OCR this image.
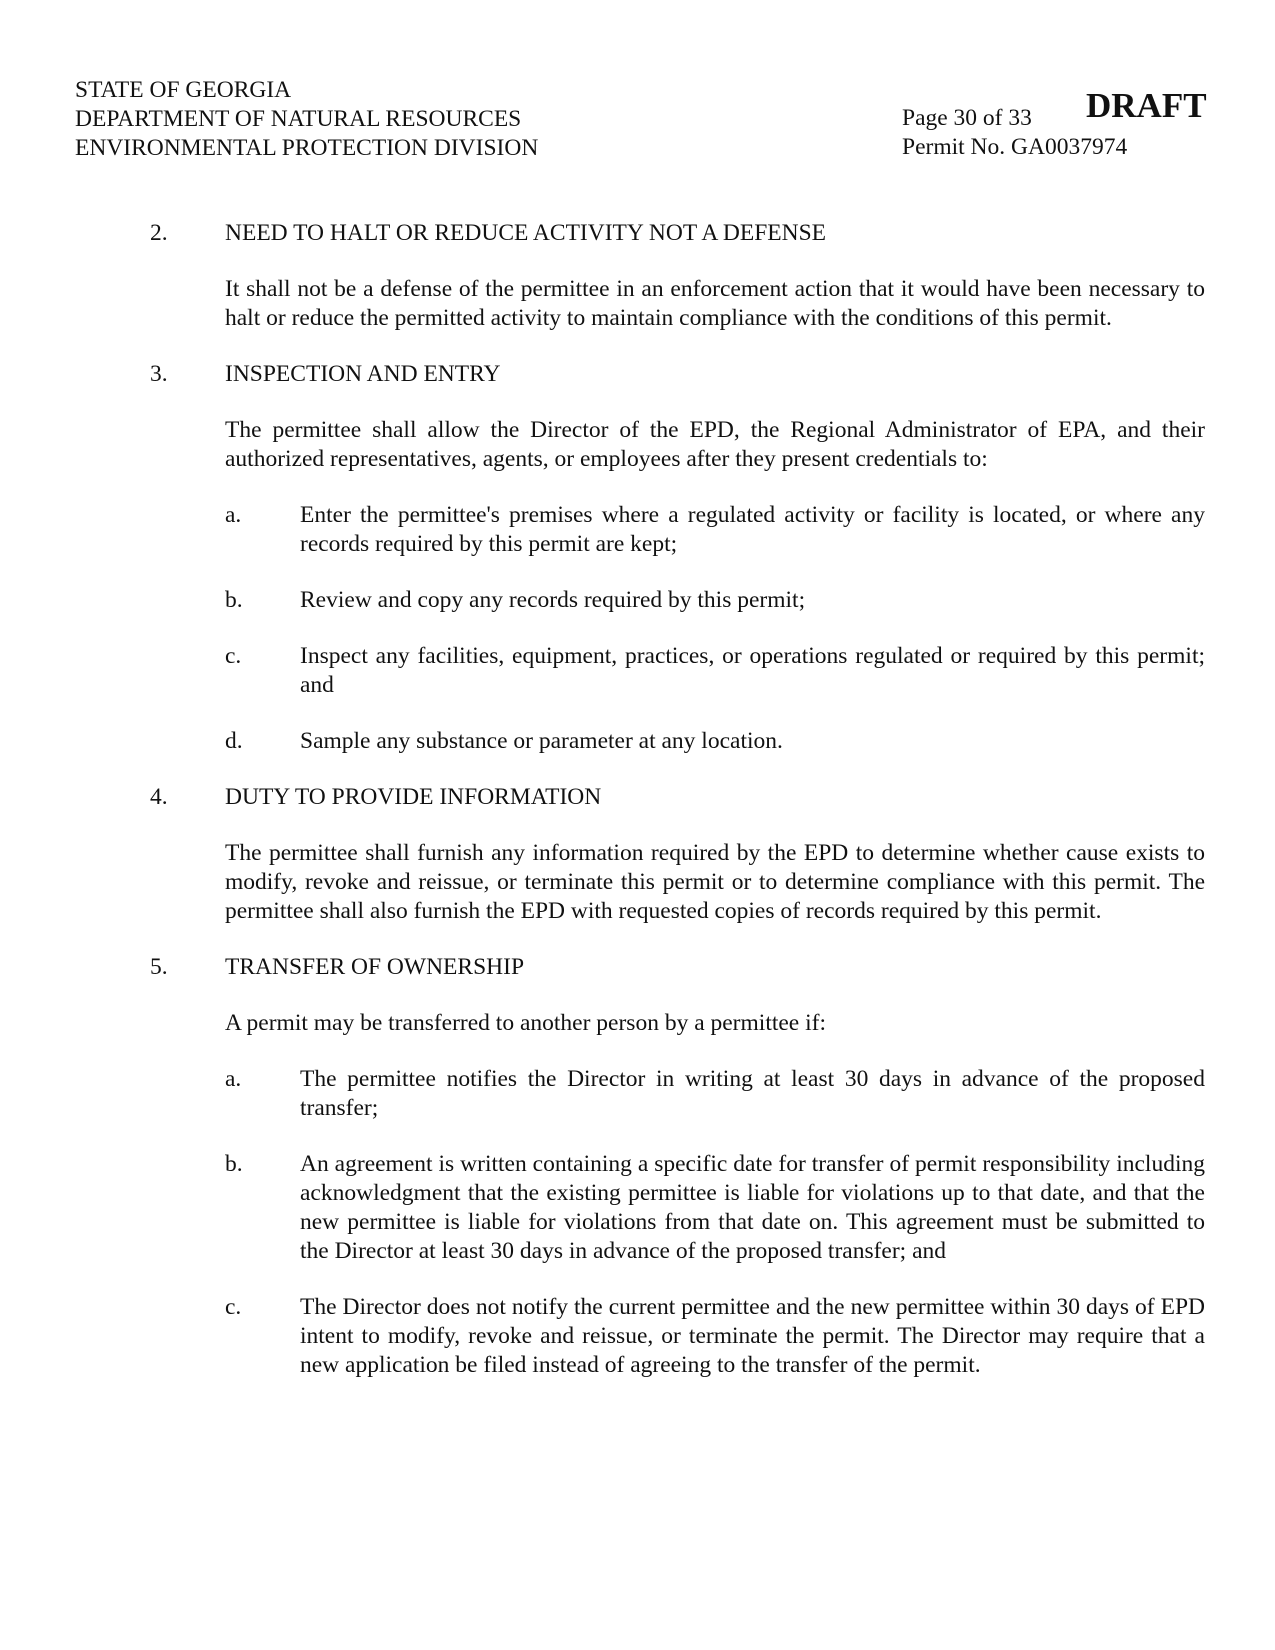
STATE OF GEORGIA
DEPARTMENT OF NATURAL RESOURCES
ENVIRONMENTAL PROTECTION DIVISION
Page 30 of 33
Permit No. GA0037974
DRAFT
2.	NEED TO HALT OR REDUCE ACTIVITY NOT A DEFENSE
It shall not be a defense of the permittee in an enforcement action that it would have been necessary to halt or reduce the permitted activity to maintain compliance with the conditions of this permit.
3.	INSPECTION AND ENTRY
The permittee shall allow the Director of the EPD, the Regional Administrator of EPA, and their authorized representatives, agents, or employees after they present credentials to:
a.	Enter the permittee's premises where a regulated activity or facility is located, or where any records required by this permit are kept;
b.	Review and copy any records required by this permit;
c.	Inspect any facilities, equipment, practices, or operations regulated or required by this permit; and
d.	Sample any substance or parameter at any location.
4.	DUTY TO PROVIDE INFORMATION
The permittee shall furnish any information required by the EPD to determine whether cause exists to modify, revoke and reissue, or terminate this permit or to determine compliance with this permit. The permittee shall also furnish the EPD with requested copies of records required by this permit.
5.	TRANSFER OF OWNERSHIP
A permit may be transferred to another person by a permittee if:
a.	The permittee notifies the Director in writing at least 30 days in advance of the proposed transfer;
b.	An agreement is written containing a specific date for transfer of permit responsibility including acknowledgment that the existing permittee is liable for violations up to that date, and that the new permittee is liable for violations from that date on. This agreement must be submitted to the Director at least 30 days in advance of the proposed transfer; and
c.	The Director does not notify the current permittee and the new permittee within 30 days of EPD intent to modify, revoke and reissue, or terminate the permit. The Director may require that a new application be filed instead of agreeing to the transfer of the permit.
